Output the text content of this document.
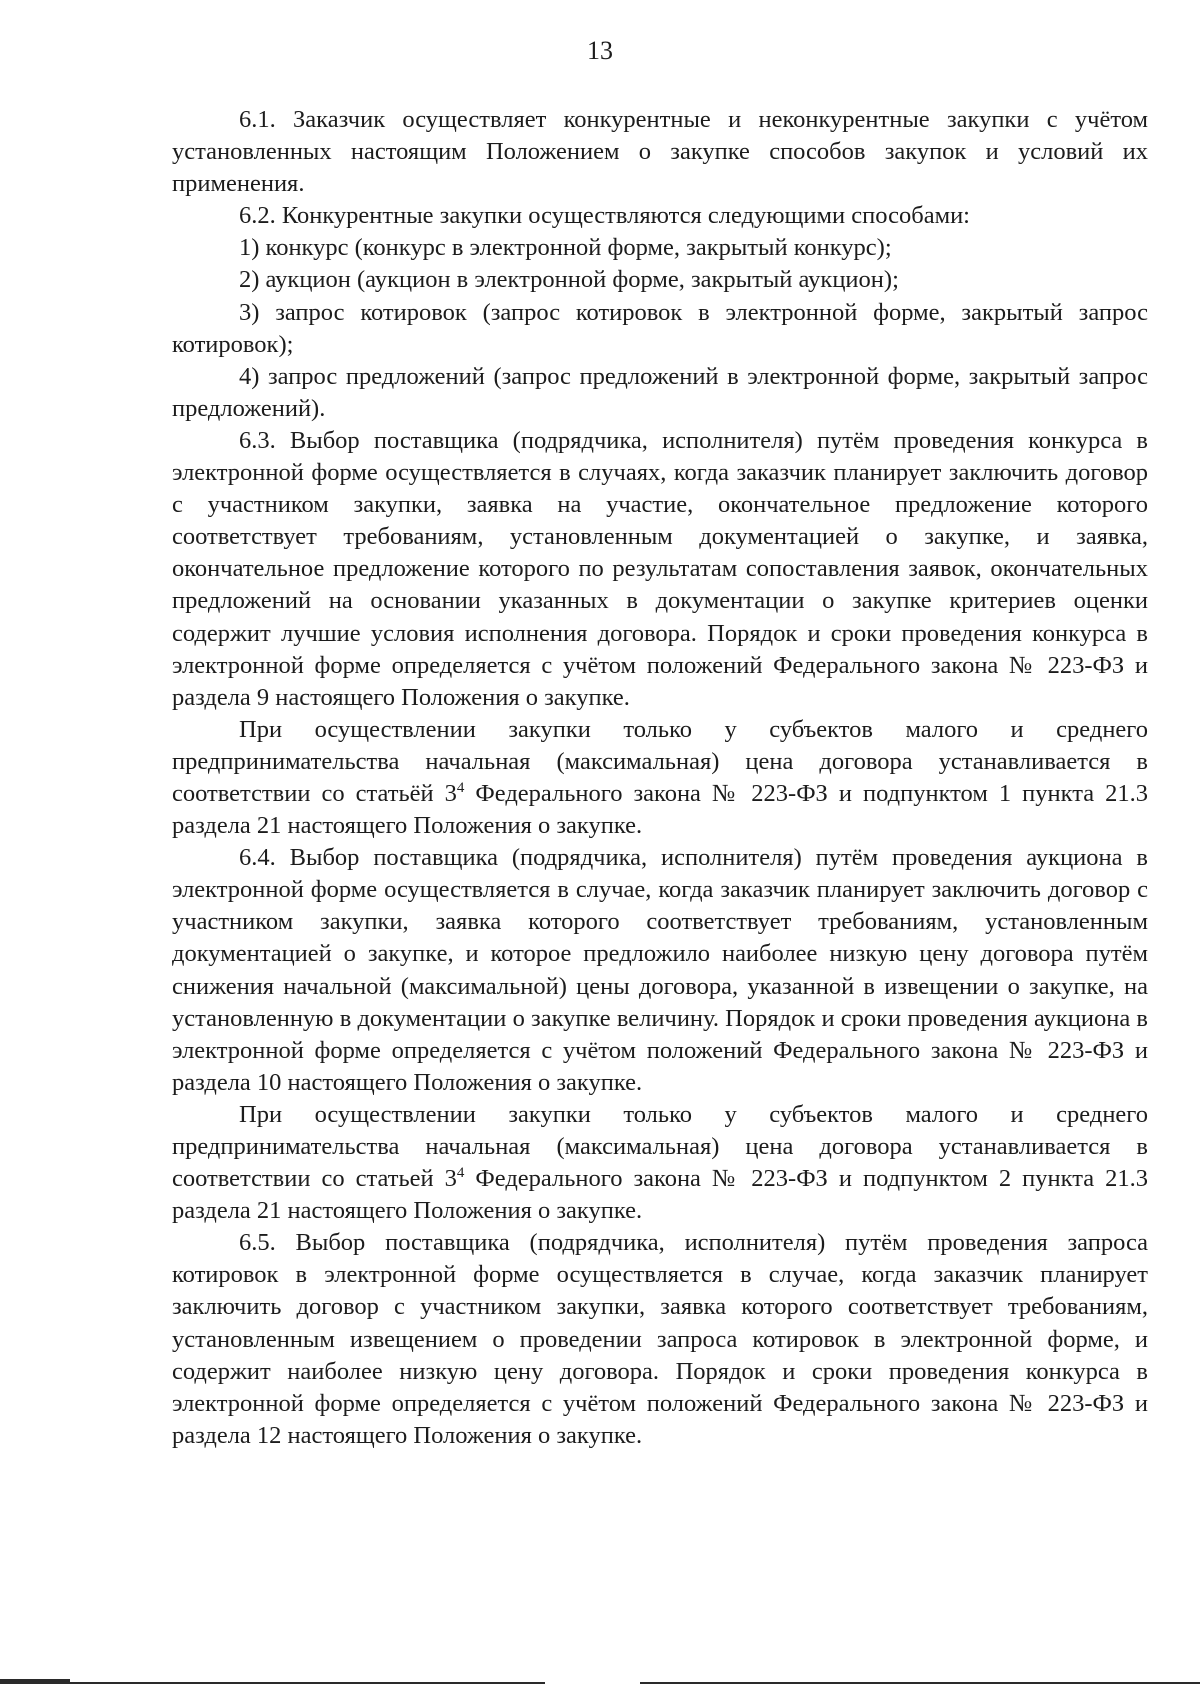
13

6.1. Заказчик осуществляет конкурентные и неконкурентные закупки с учётом установленных настоящим Положением о закупке способов закупок и условий их применения.

6.2. Конкурентные закупки осуществляются следующими способами:

1) конкурс (конкурс в электронной форме, закрытый конкурс);

2) аукцион (аукцион в электронной форме, закрытый аукцион);

3) запрос котировок (запрос котировок в электронной форме, закрытый запрос котировок);

4) запрос предложений (запрос предложений в электронной форме, закрытый запрос предложений).

6.3. Выбор поставщика (подрядчика, исполнителя) путём проведения конкурса в электронной форме осуществляется в случаях, когда заказчик планирует заключить договор с участником закупки, заявка на участие, окончательное предложение которого соответствует требованиям, установленным документацией о закупке, и заявка, окончательное предложение которого по результатам сопоставления заявок, окончательных предложений на основании указанных в документации о закупке критериев оценки содержит лучшие условия исполнения договора. Порядок и сроки проведения конкурса в электронной форме определяется с учётом положений Федерального закона № 223-ФЗ и раздела 9 настоящего Положения о закупке.

При осуществлении закупки только у субъектов малого и среднего предпринимательства начальная (максимальная) цена договора устанавливается в соответствии со статьёй $3^4$ Федерального закона № 223-ФЗ и подпунктом 1 пункта 21.3 раздела 21 настоящего Положения о закупке.

6.4. Выбор поставщика (подрядчика, исполнителя) путём проведения аукциона в электронной форме осуществляется в случае, когда заказчик планирует заключить договор с участником закупки, заявка которого соответствует требованиям, установленным документацией о закупке, и которое предложило наиболее низкую цену договора путём снижения начальной (максимальной) цены договора, указанной в извещении о закупке, на установленную в документации о закупке величину. Порядок и сроки проведения аукциона в электронной форме определяется с учётом положений Федерального закона № 223-ФЗ и раздела 10 настоящего Положения о закупке.

При осуществлении закупки только у субъектов малого и среднего предпринимательства начальная (максимальная) цена договора устанавливается в соответствии со статьей $3^4$ Федерального закона № 223-ФЗ и подпунктом 2 пункта 21.3 раздела 21 настоящего Положения о закупке.

6.5. Выбор поставщика (подрядчика, исполнителя) путём проведения запроса котировок в электронной форме осуществляется в случае, когда заказчик планирует заключить договор с участником закупки, заявка которого соответствует требованиям, установленным извещением о проведении запроса котировок в электронной форме, и содержит наиболее низкую цену договора. Порядок и сроки проведения конкурса в электронной форме определяется с учётом положений Федерального закона № 223-ФЗ и раздела 12 настоящего Положения о закупке.
